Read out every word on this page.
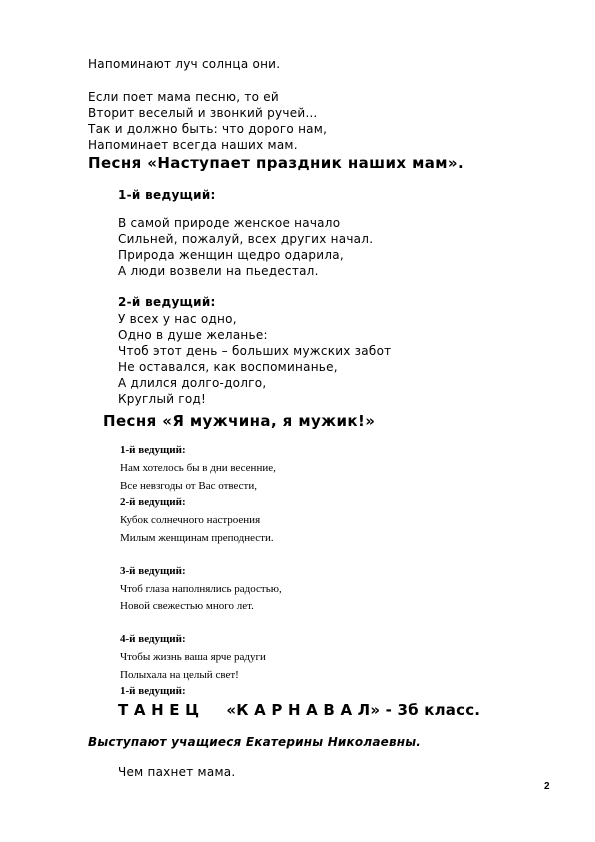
Напоминают луч солнца они.
Если поет мама песню, то ей
Вторит веселый и звонкий ручей…
Так и должно быть: что дорого нам,
Напоминает всегда наших мам.
Песня «Наступает праздник наших мам».
1-й ведущий:
В самой природе женское начало
Сильней, пожалуй, всех других начал.
Природа женщин щедро одарила,
А люди возвели на пьедестал.
2-й ведущий:
У всех у нас одно,
Одно в душе желанье:
Чтоб этот день – больших мужских забот
Не оставался, как воспоминанье,
А длился долго-долго,
Круглый год!
Песня «Я мужчина, я мужик!»
1-й ведущий:
Нам хотелось бы в дни весенние,
Все невзгоды от Вас отвести,
2-й ведущий:
Кубок солнечного настроения
Милым женщинам преподнести.
3-й ведущий:
Чтоб глаза наполнялись радостью,
Новой свежестью много лет.
4-й ведущий:
Чтобы жизнь ваша ярче радуги
Полыхала на целый свет!
1-й ведущий:
Т А Н Е Ц     «К А Р Н А В А Л» - 3б класс.
Выступают учащиеся Екатерины Николаевны.
Чем пахнет мама.
2
